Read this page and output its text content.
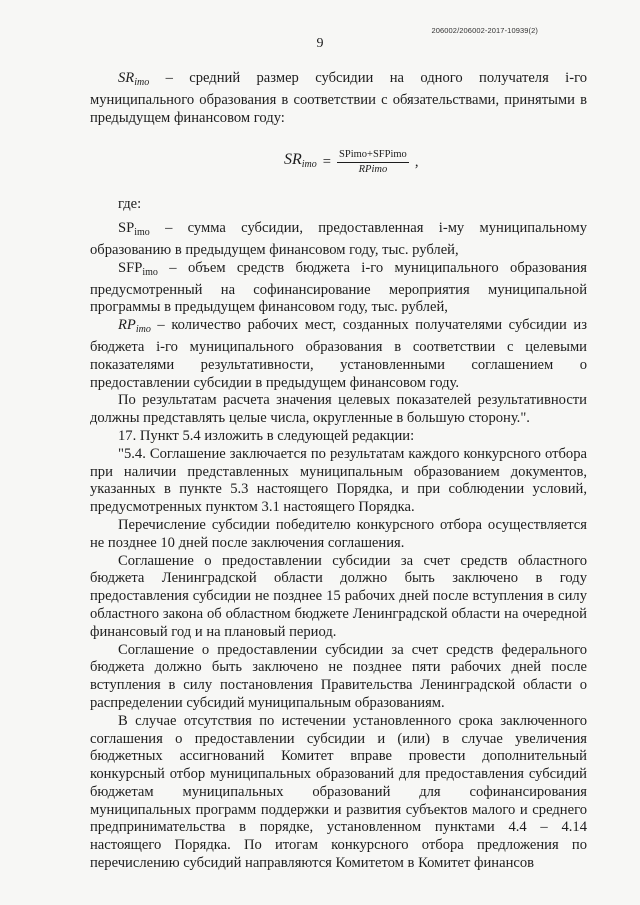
206002/206002-2017-10939(2)
9

$SR_{imo}$ – средний размер субсидии на одного получателя i-го муниципального образования в соответствии с обязательствами, принятыми в предыдущем финансовом году:

$SR_{imo} = \frac{\text{SPimo+SFPimo}}{\text{RPimo}}$ ,

где:

$SP_{imo}$ – сумма субсидии, предоставленная i-му муниципальному образованию в предыдущем финансовом году, тыс. рублей,

$SFP_{imo}$ – объем средств бюджета i-го муниципального образования предусмотренный на софинансирование мероприятия муниципальной программы в предыдущем финансовом году, тыс. рублей,

$RP_{imo}$ – количество рабочих мест, созданных получателями субсидии из бюджета i-го муниципального образования в соответствии с целевыми показателями результативности, установленными соглашением о предоставлении субсидии в предыдущем финансовом году.

По результатам расчета значения целевых показателей результативности должны представлять целые числа, округленные в большую сторону.".

17. Пункт 5.4 изложить в следующей редакции:

"5.4. Соглашение заключается по результатам каждого конкурсного отбора при наличии представленных муниципальным образованием документов, указанных в пункте 5.3 настоящего Порядка, и при соблюдении условий, предусмотренных пунктом 3.1 настоящего Порядка.

Перечисление субсидии победителю конкурсного отбора осуществляется не позднее 10 дней после заключения соглашения.

Соглашение о предоставлении субсидии за счет средств областного бюджета Ленинградской области должно быть заключено в году предоставления субсидии не позднее 15 рабочих дней после вступления в силу областного закона об областном бюджете Ленинградской области на очередной финансовый год и на плановый период.

Соглашение о предоставлении субсидии за счет средств федерального бюджета должно быть заключено не позднее пяти рабочих дней после вступления в силу постановления Правительства Ленинградской области о распределении субсидий муниципальным образованиям.

В случае отсутствия по истечении установленного срока заключенного соглашения о предоставлении субсидии и (или) в случае увеличения бюджетных ассигнований Комитет вправе провести дополнительный конкурсный отбор муниципальных образований для предоставления субсидий бюджетам муниципальных образований для софинансирования муниципальных программ поддержки и развития субъектов малого и среднего предпринимательства в порядке, установленном пунктами 4.4 – 4.14 настоящего Порядка. По итогам конкурсного отбора предложения по перечислению субсидий направляются Комитетом в Комитет финансов
